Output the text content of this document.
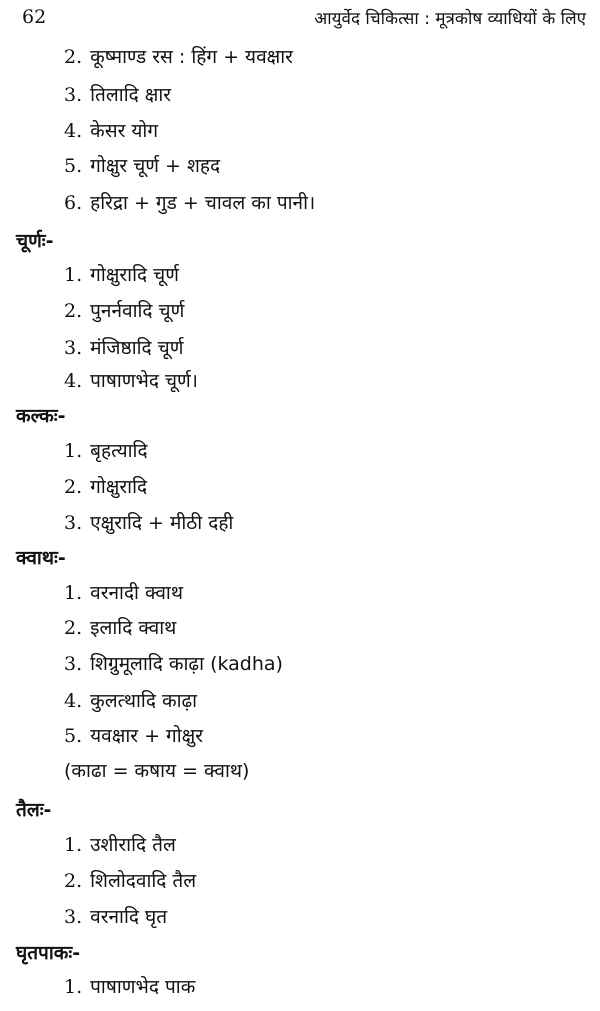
62	आयुर्वेद चिकित्सा : मूत्रकोष व्याधियों के लिए
2. कूष्माण्ड रस : हिंग + यवक्षार
3. तिलादि क्षार
4. केसर योग
5. गोक्षुर चूर्ण + शहद
6. हरिद्रा + गुड + चावल का पानी।
चूर्णः-
1. गोक्षुरादि चूर्ण
2. पुनर्नवादि चूर्ण
3. मंजिष्ठादि चूर्ण
4. पाषाणभेद चूर्ण।
कल्कः-
1. बृहत्यादि
2. गोक्षुरादि
3. एक्षुरादि + मीठी दही
क्वाथः-
1. वरनादी क्वाथ
2. इलादि क्वाथ
3. शिग्रुमूलादि काढ़ा (kadha)
4. कुलत्थादि काढ़ा
5. यवक्षार + गोक्षुर
(काढा = कषाय = क्वाथ)
तैलः-
1. उशीरादि तैल
2. शिलोदवादि तैल
3. वरनादि घृत
घृतपाकः-
1. पाषाणभेद पाक
